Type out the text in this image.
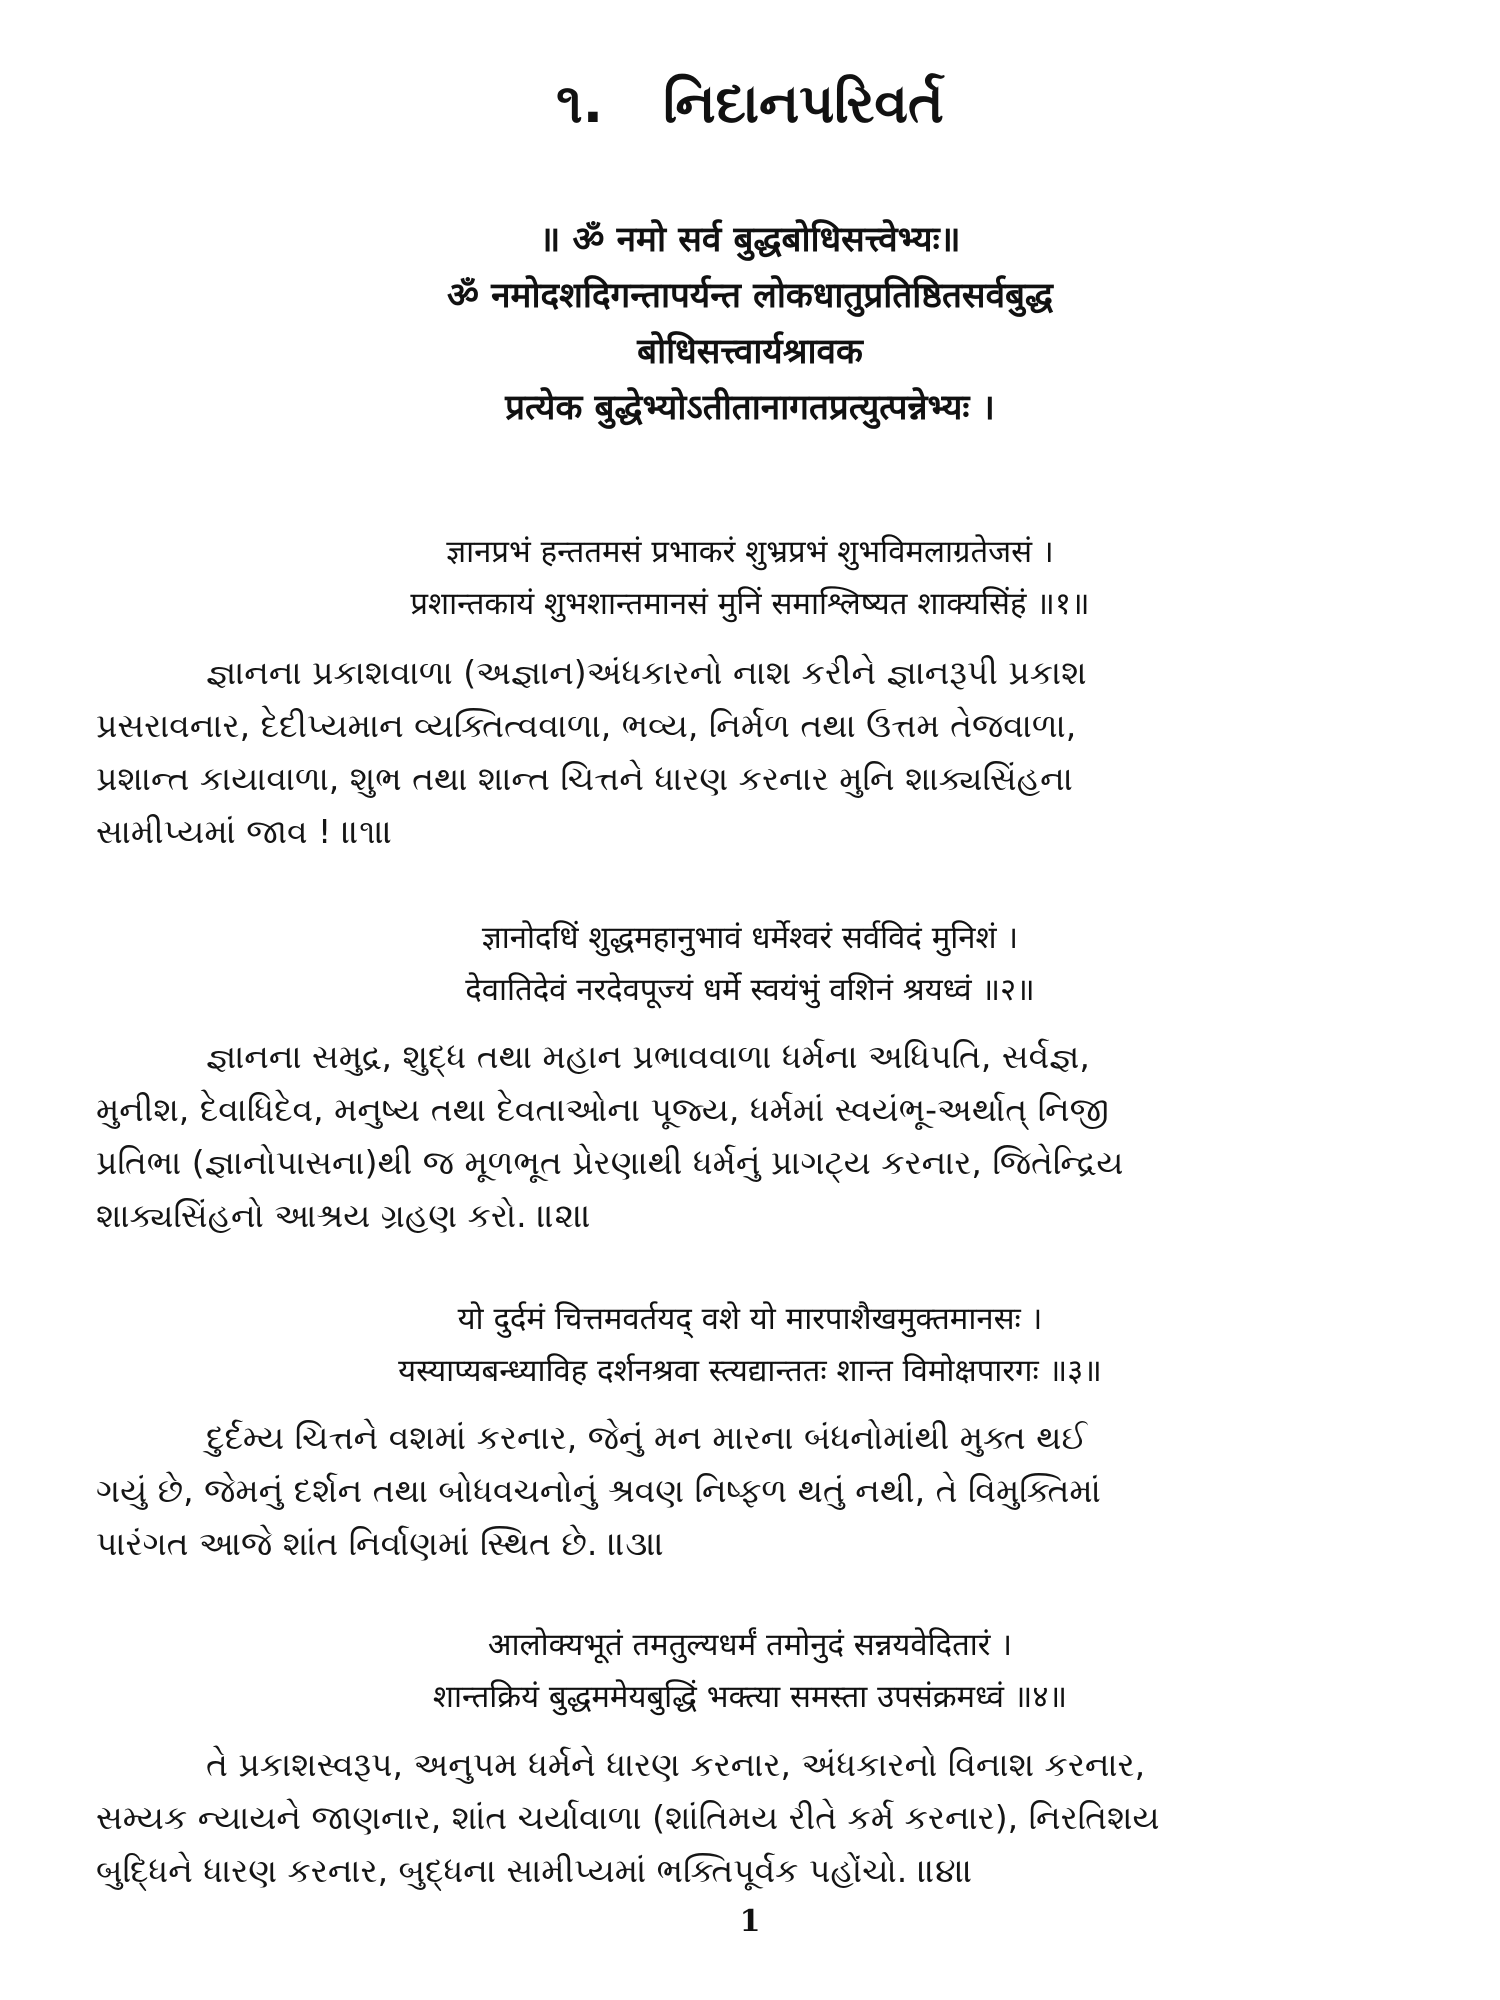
૧. નિદાનપરિવર્ત
॥ ॐ नमो सर्व बुद्धबोधिसत्त्वेभ्यः॥
ॐ नमोदशदिगन्तापर्यन्त लोकधातुप्रतिष्ठितसर्वबुद्ध
बोधिसत्त्वार्यश्रावक
प्रत्येक बुद्धेभ्योऽतीतानागतप्रत्युत्पन्नेभ्यः ।
ज्ञानप्रभं हन्ततमसं प्रभाकरं शुभ्रप्रभं शुभविमलाग्रतेजसं ।
प्रशान्तकायं शुभशान्तमानसं मुनिं समाश्लिष्यत शाक्यसिंहं ॥१॥
જ્ઞાનના પ્રકાશવાળા (અજ્ઞાન)અંધકારનો નાશ કરીને જ્ઞાનરૂપી પ્રકાશ
પ્રસરાવનાર, દેદીપ્યમાન વ્યક્તિત્વવાળા, ભવ્ય, નિર્મળ તથા ઉત્તમ તેજવાળા,
પ્રશાન્ત કાયાવાળા, શુભ તથા શાન્ત ચિત્તને ધારણ કરનાર મુનિ શાક્યસિંહના
સામીપ્યમાં જાવ ! ॥૧॥
ज्ञानोदधिं शुद्धमहानुभावं धर्मेश्वरं सर्वविदं मुनिशं ।
देवातिदेवं नरदेवपूज्यं धर्मे स्वयंभुं वशिनं श्रयध्वं ॥२॥
જ્ઞાનના સમુદ્ર, શુદ્ધ તથા મહાન પ્રભાવવાળા ધર્મના અધિપતિ, સર્વજ્ઞ,
મુનીશ, દેવાધિદેવ, મનુષ્ય તથા દેવતાઓના પૂજ્ય, ધર્મમાં સ્વયંભૂ-અર્થાત્ નિજી
પ્રતિભા (જ્ઞાનોપાસના)થી જ મૂળભૂત પ્રેરણાથી ધર્મનું પ્રાગટ્ય કરનાર, જિતેન્દ્રિય
શાક્યસિંહનો આશ્રય ગ્રહણ કરો. ॥૨॥
यो दुर्दमं चित्तमवर्तयद् वशे यो मारपाशैखमुक्तमानसः ।
यस्याप्यबन्ध्याविह दर्शनश्रवा स्त्यद्यान्ततः शान्त विमोक्षपारगः ॥३॥
દુર્દમ્ય ચિત્તને વશમાં કરનાર, જેનું મન મારના બંધનોમાંથી મુક્ત થઈ
ગયું છે, જેમનું દર્શન તથા બોધવચનોનું શ્રવણ નિષ્ફળ થતું નથી, તે વિમુક્તિમાં
પારંગત આજે શાંત નિર્વાણમાં સ્થિત છે. ॥૩॥
आलोक्यभूतं तमतुल्यधर्मं तमोनुदं सन्नयवेदितारं ।
शान्तक्रियं बुद्धममेयबुद्धिं भक्त्या समस्ता उपसंक्रमध्वं ॥४॥
તે પ્રકાશસ્વરૂપ, અનુપમ ધર્મને ધારણ કરનાર, અંધકારનો વિનાશ કરનાર,
સમ્યક ન્યાયને જાણનાર, શાંત ચર્યાવાળા (શાંતિમય રીતે કર્મ કરનાર), નિરતિશય
બુદ્ધિને ધારણ કરનાર, બુદ્ધના સામીપ્યમાં ભક્તિપૂર્વક પહોંચો. ॥૪॥
1
